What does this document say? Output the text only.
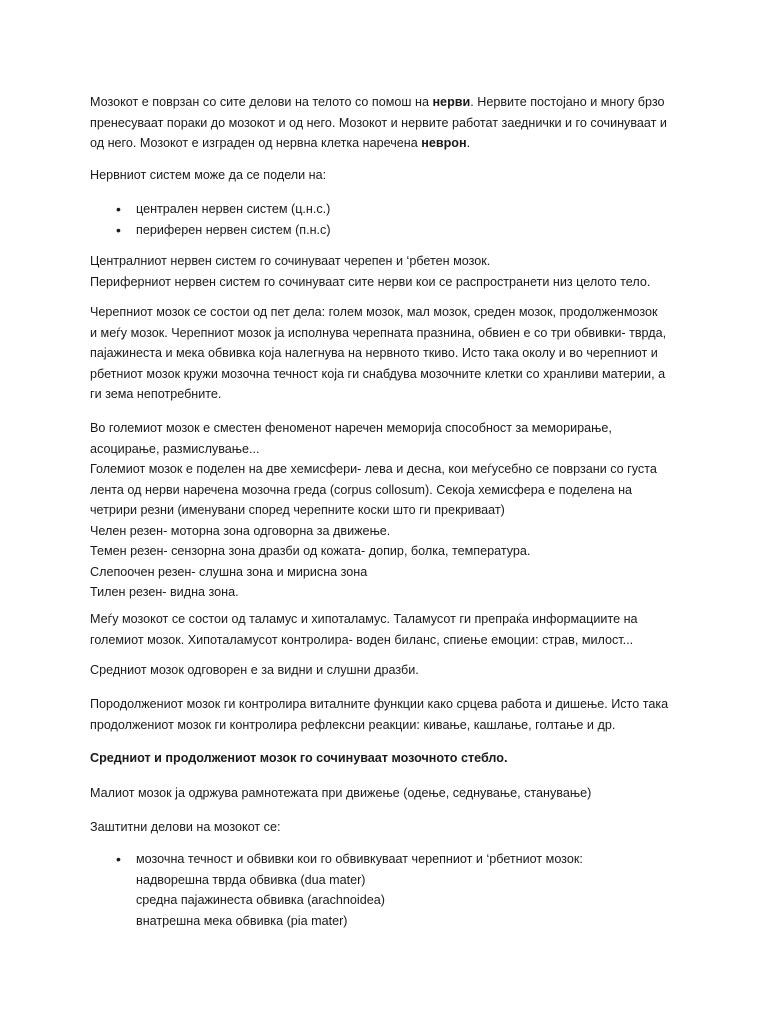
Мозокот е поврзан со сите делови на телото со помош на нерви. Нервите постојано и многу брзо
пренесуваат пораки до мозокот и од него. Мозокот и нервите работат заеднички и го сочинуваат и
од него. Мозокот е изграден од нервна клетка наречена неврон.
Нервниот систем може да се подели на:
• централен нервен систем (ц.н.с.)
• периферен нервен систем (п.н.с)
Централниот нервен систем го сочинуваат черепен и ‘рбетен мозок.
Периферниот нервен систем го сочинуваат сите нерви кои се распространети низ целото тело.
Черепниот мозок се состои од пет дела: голем мозок, мал мозок, среден мозок, продолженмозок
и меѓу мозок. Черепниот мозок ја исполнува черепната празнина, обвиен е со три обвивки- тврда,
пајажинеста и мека обвивка која налегнува на нервното ткиво. Исто така околу и во черепниот и
рбетниот мозок кружи мозочна течност која ги снабдува мозочните клетки со хранливи материи, а
ги зема непотребните.
Во големиот мозок е сместен феноменот наречен меморија способност за меморирање,
асоцирање, размислување...
Големиот мозок е поделен на две хемисфери- лева и десна, кои меѓусебно се поврзани со густа
лента од нерви наречена мозочна греда (corpus collosum). Секоја хемисфера е поделена на
четрири резни (именувани според черепните коски што ги прекриваат)
Челен резен- моторна зона одговорна за движење.
Темен резен- сензорна зона дразби од кожата- допир, болка, температура.
Слепоочен резен- слушна зона и мирисна зона
Тилен резен- видна зона.
Меѓу мозокот се состои од таламус и хипоталамус. Таламусот ги препраќа информациите на
големиот мозок. Хипоталамусот контролира- воден биланс, спиење емоции: страв, милост...
Средниот мозок одговорен е за видни и слушни дразби.
Породолжениот мозок ги контролира виталните функции како срцева работа и дишење. Исто така
продолжениот мозок ги контролира рефлексни реакции: кивање, кашлање, голтање и др.
Средниот и продолжениот мозок го сочинуваат мозочното стебло.
Малиот мозок ја одржува рамнотежата при движење (одење, седнување, станување)
Заштитни делови на мозокот се:
• мозочна течност и обвивки кои го обвивкуваат черепниот и ‘рбетниот мозок:
надворешна тврда обвивка (dua mater)
средна пајажинеста обвивка (arachnoidea)
внатрешна мека обвивка (pia mater)
